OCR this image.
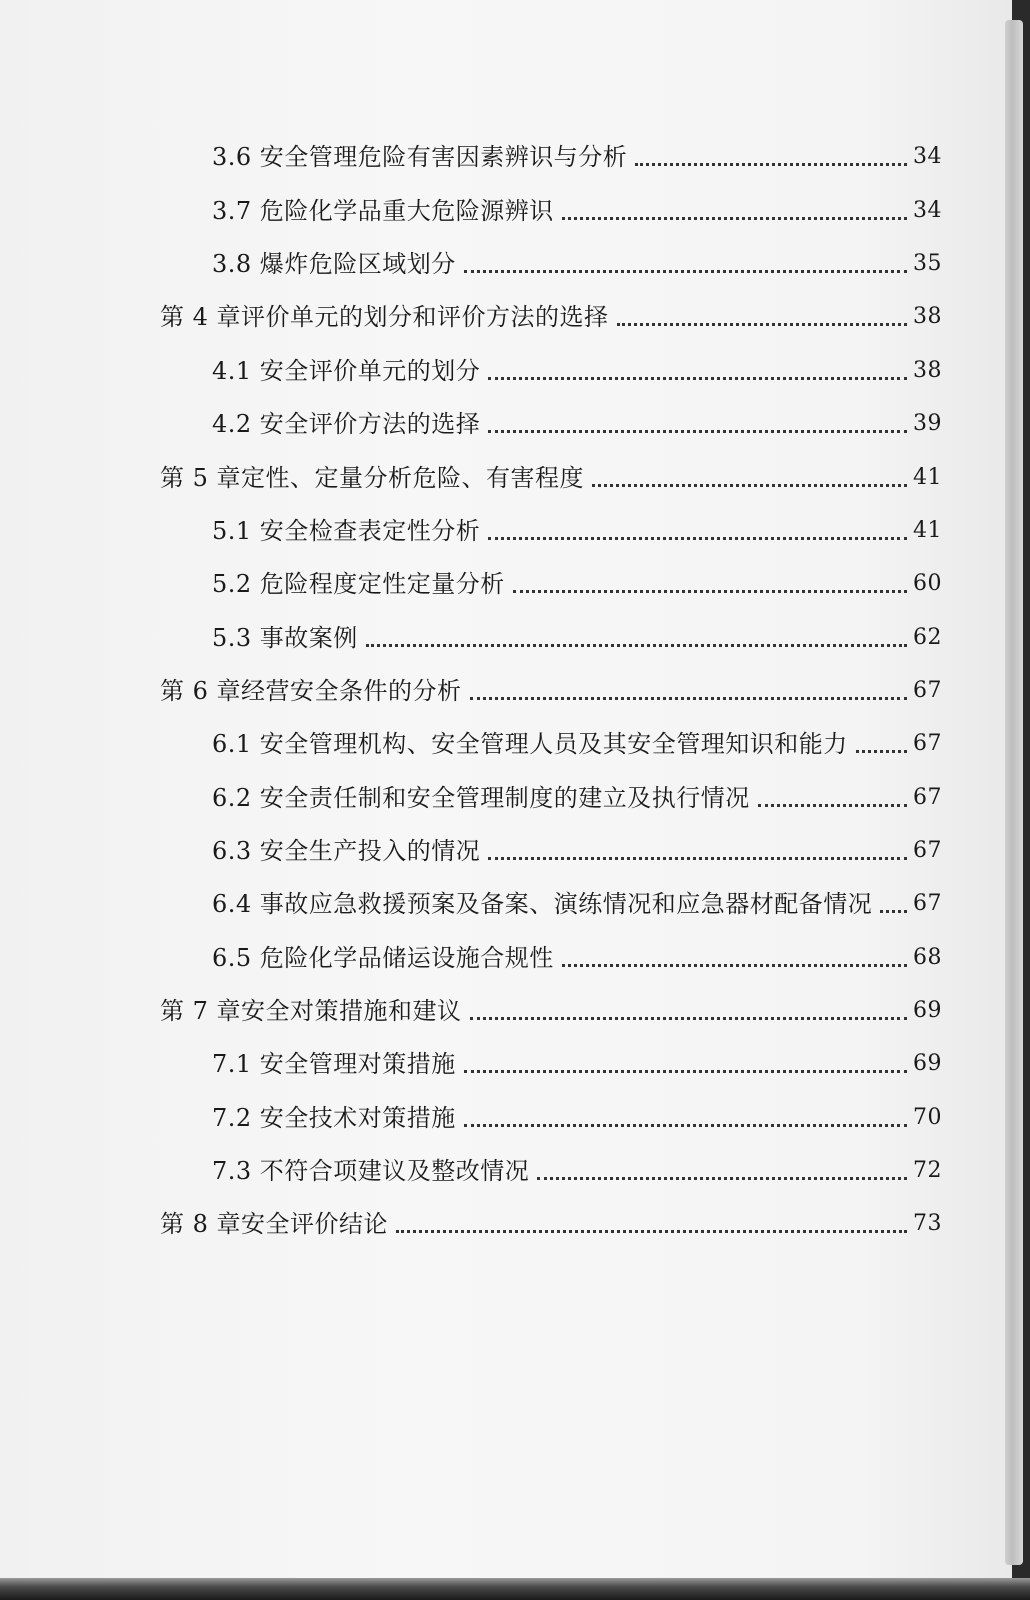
3.6 安全管理危险有害因素辨识与分析	34
3.7 危险化学品重大危险源辨识	34
3.8 爆炸危险区域划分	35
第 4 章评价单元的划分和评价方法的选择	38
4.1 安全评价单元的划分	38
4.2 安全评价方法的选择	39
第 5 章定性、定量分析危险、有害程度	41
5.1 安全检查表定性分析	41
5.2 危险程度定性定量分析	60
5.3 事故案例	62
第 6 章经营安全条件的分析	67
6.1 安全管理机构、安全管理人员及其安全管理知识和能力	67
6.2 安全责任制和安全管理制度的建立及执行情况	67
6.3 安全生产投入的情况	67
6.4 事故应急救援预案及备案、演练情况和应急器材配备情况 67
6.5 危险化学品储运设施合规性	68
第 7 章安全对策措施和建议	69
7.1 安全管理对策措施	69
7.2 安全技术对策措施	70
7.3 不符合项建议及整改情况	72
第 8 章安全评价结论	73
